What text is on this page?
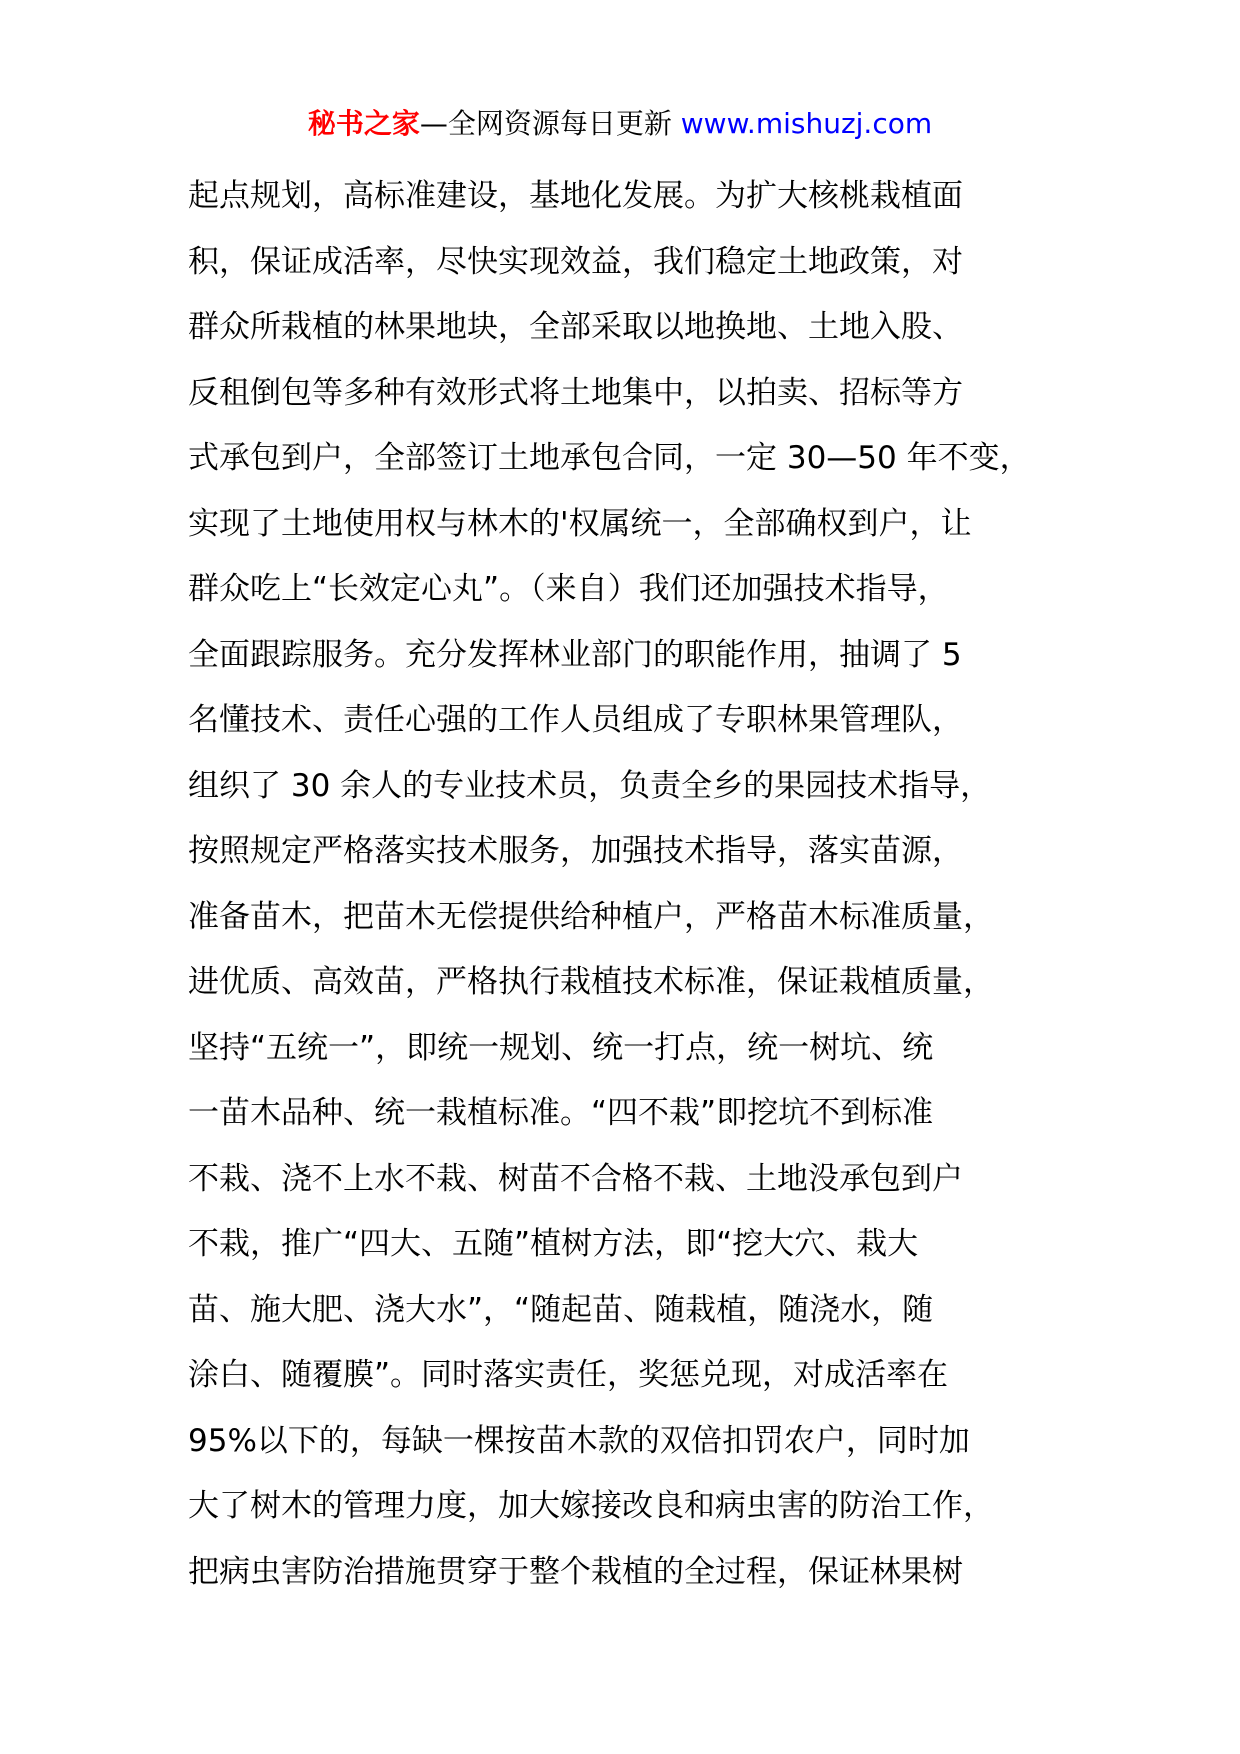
秘书之家—全网资源每日更新 www.mishuzj.com
起点规划，高标准建设，基地化发展。为扩大核桃栽植面
积，保证成活率，尽快实现效益，我们稳定土地政策，对
群众所栽植的林果地块，全部采取以地换地、土地入股、
反租倒包等多种有效形式将土地集中，以拍卖、招标等方
式承包到户，全部签订土地承包合同，一定 30—50 年不变，
实现了土地使用权与林木的'权属统一，全部确权到户，让
群众吃上“长效定心丸”。（来自）我们还加强技术指导，
全面跟踪服务。充分发挥林业部门的职能作用，抽调了 5
名懂技术、责任心强的工作人员组成了专职林果管理队，
组织了 30 余人的专业技术员，负责全乡的果园技术指导，
按照规定严格落实技术服务，加强技术指导，落实苗源，
准备苗木，把苗木无偿提供给种植户，严格苗木标准质量，
进优质、高效苗，严格执行栽植技术标准，保证栽植质量，
坚持“五统一”，即统一规划、统一打点，统一树坑、统
一苗木品种、统一栽植标准。“四不栽”即挖坑不到标准
不栽、浇不上水不栽、树苗不合格不栽、土地没承包到户
不栽，推广“四大、五随”植树方法，即“挖大穴、栽大
苗、施大肥、浇大水”，“随起苗、随栽植，随浇水，随
涂白、随覆膜”。同时落实责任，奖惩兑现，对成活率在
95%以下的，每缺一棵按苗木款的双倍扣罚农户，同时加
大了树木的管理力度，加大嫁接改良和病虫害的防治工作，
把病虫害防治措施贯穿于整个栽植的全过程，保证林果树
